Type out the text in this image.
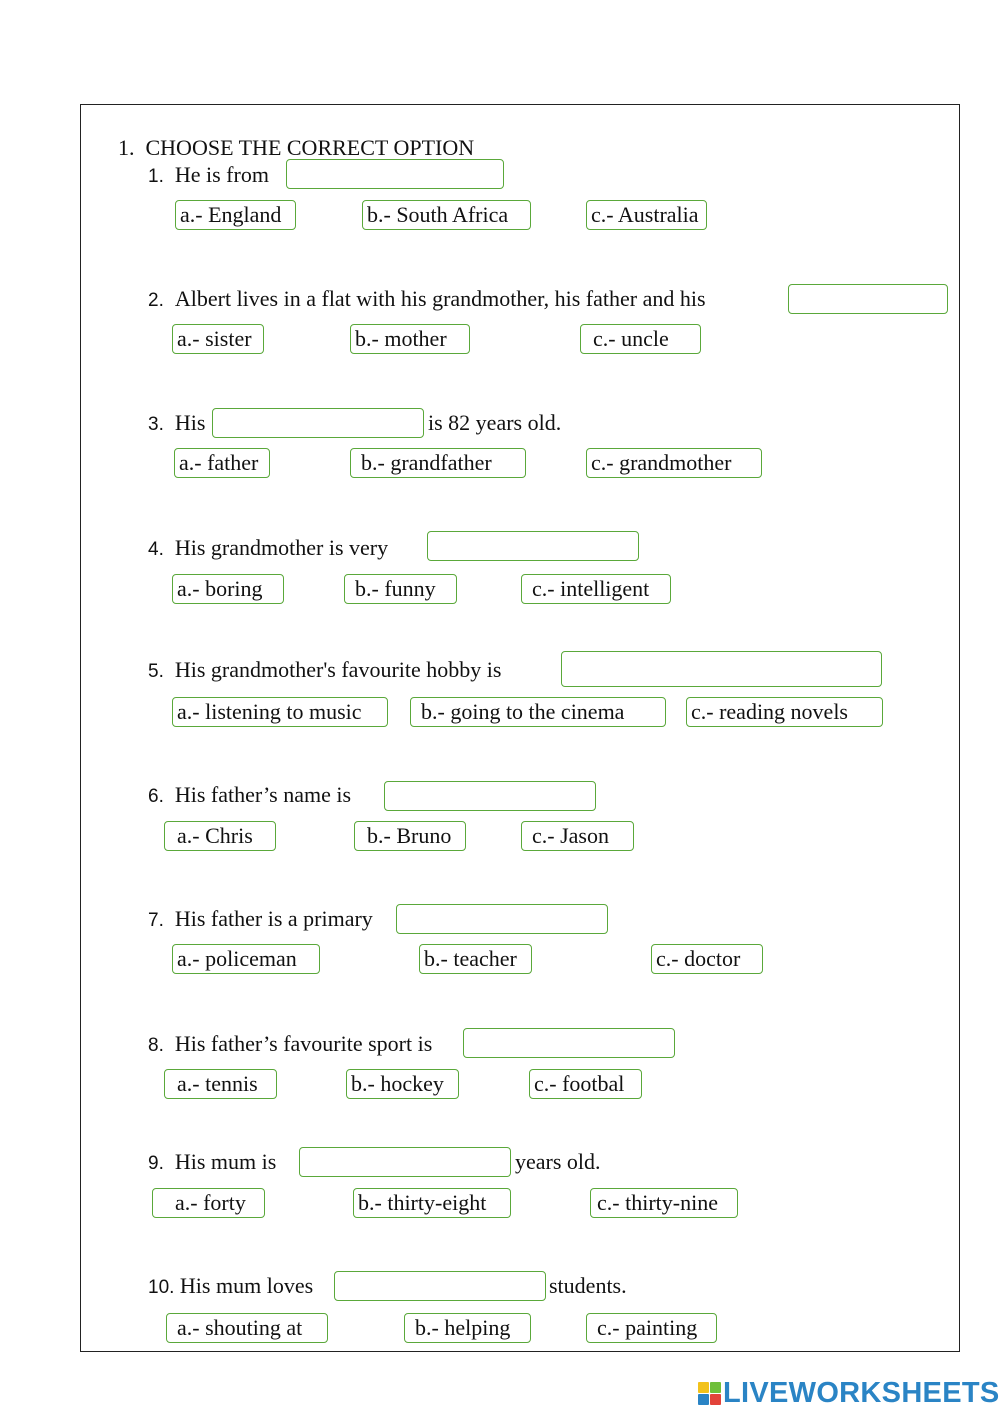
1. CHOOSE THE CORRECT OPTION
1. He is from
a.- England	b.- South Africa	c.- Australia
2. Albert lives in a flat with his grandmother, his father and his
a.- sister	b.- mother	c.- uncle
3. His	is 82 years old.
a.- father	b.- grandfather	c.- grandmother
4. His grandmother is very
a.- boring	b.- funny	c.- intelligent
5. His grandmother's favourite hobby is
a.- listening to music	b.- going to the cinema	c.- reading novels
6. His father’s name is
a.- Chris	b.- Bruno	c.- Jason
7. His father is a primary
a.- policeman	b.- teacher	c.- doctor
8. His father’s favourite sport is
a.- tennis	b.- hockey	c.- footbal
9. His mum is	years old.
a.- forty	b.- thirty-eight	c.- thirty-nine
10. His mum loves	students.
a.- shouting at	b.- helping	c.- painting
LIVEWORKSHEETS
